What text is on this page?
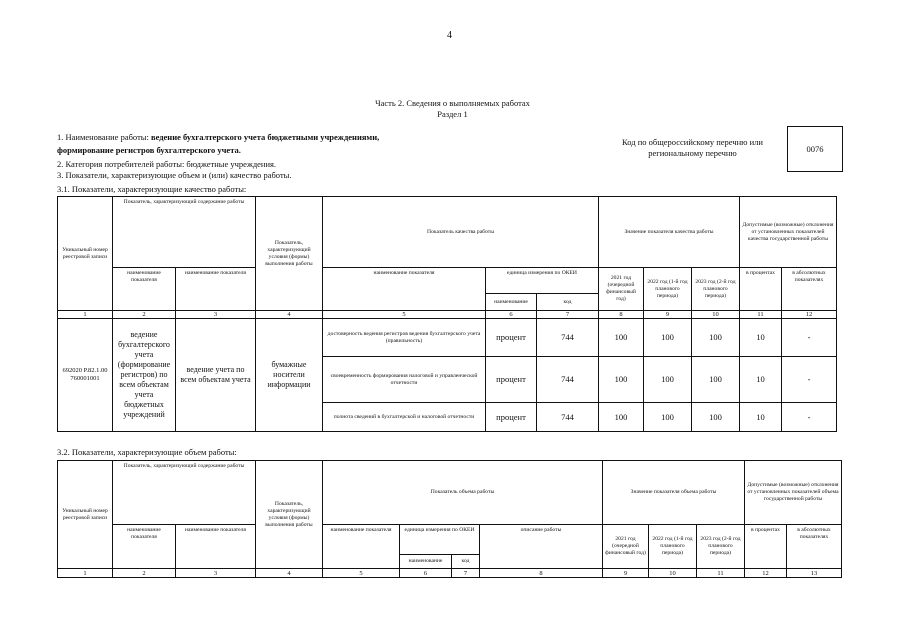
4
Часть 2. Сведения о выполняемых работах
Раздел 1
1. Наименование работы: ведение бухгалтерского учета бюджетными учреждениями,
формирование регистров бухгалтерского учета.
2. Категория потребителей работы: бюджетные учреждения.
3. Показатели, характеризующие объем и (или) качество работы.
Код по общероссийскому перечню или региональному перечню	0076
3.1. Показатели, характеризующие качество работы:
Уникальный номер реестровой записи	Показатель, характеризующий содержание работы		Показатель, характеризующий условия (формы) выполнения работы	Показатель качества работы			Значение показателя качества работы			Допустимые (возможные) отклонения от установленных показателей качества государственной работы	
	наименование показателя	наименование показателя		наименование показателя	единица измерения по ОКЕИ		2021 год (очередной финансовый год)	2022 год (1-й год планового периода)	2023 год (2-й год планового периода)	в процентах	в абсолютных показателях
					наименование	код					
1	2	3	4	5	6	7	8	9	10	11	12
692020 Р.82.1.00 760001001	ведение бухгалтерского учета (формирование регистров) по всем объектам учета бюджетных учреждений	ведение учета по всем объектам учета	бумажные носители информации	достоверность ведения регистров ведения бухгалтерского учета (правильность)	процент	744	100	100	100	10	-
				своевременность формирования налоговой и управленческой отчетности	процент	744	100	100	100	10	-
				полнота сведений в бухгалтерской и налоговой отчетности	процент	744	100	100	100	10	-
3.2. Показатели, характеризующие объем работы:
Уникальный номер реестровой записи	Показатель, характеризующий содержание работы		Показатель, характеризующий условия (формы) выполнения работы	Показатель объема работы				Значение показателя объема работы			Допустимые (возможные) отклонения от установленных показателей объема государственной работы	
	наименование показателя	наименование показателя		наименование показателя	единица измерения по ОКЕИ		описание работы	2021 год (очередной финансовый год)	2022 год (1-й год планового периода)	2023 год (2-й год планового периода)	в процентах	в абсолютных показателях
					наименование	код						
1	2	3	4	5	6	7	8	9	10	11	12	13
